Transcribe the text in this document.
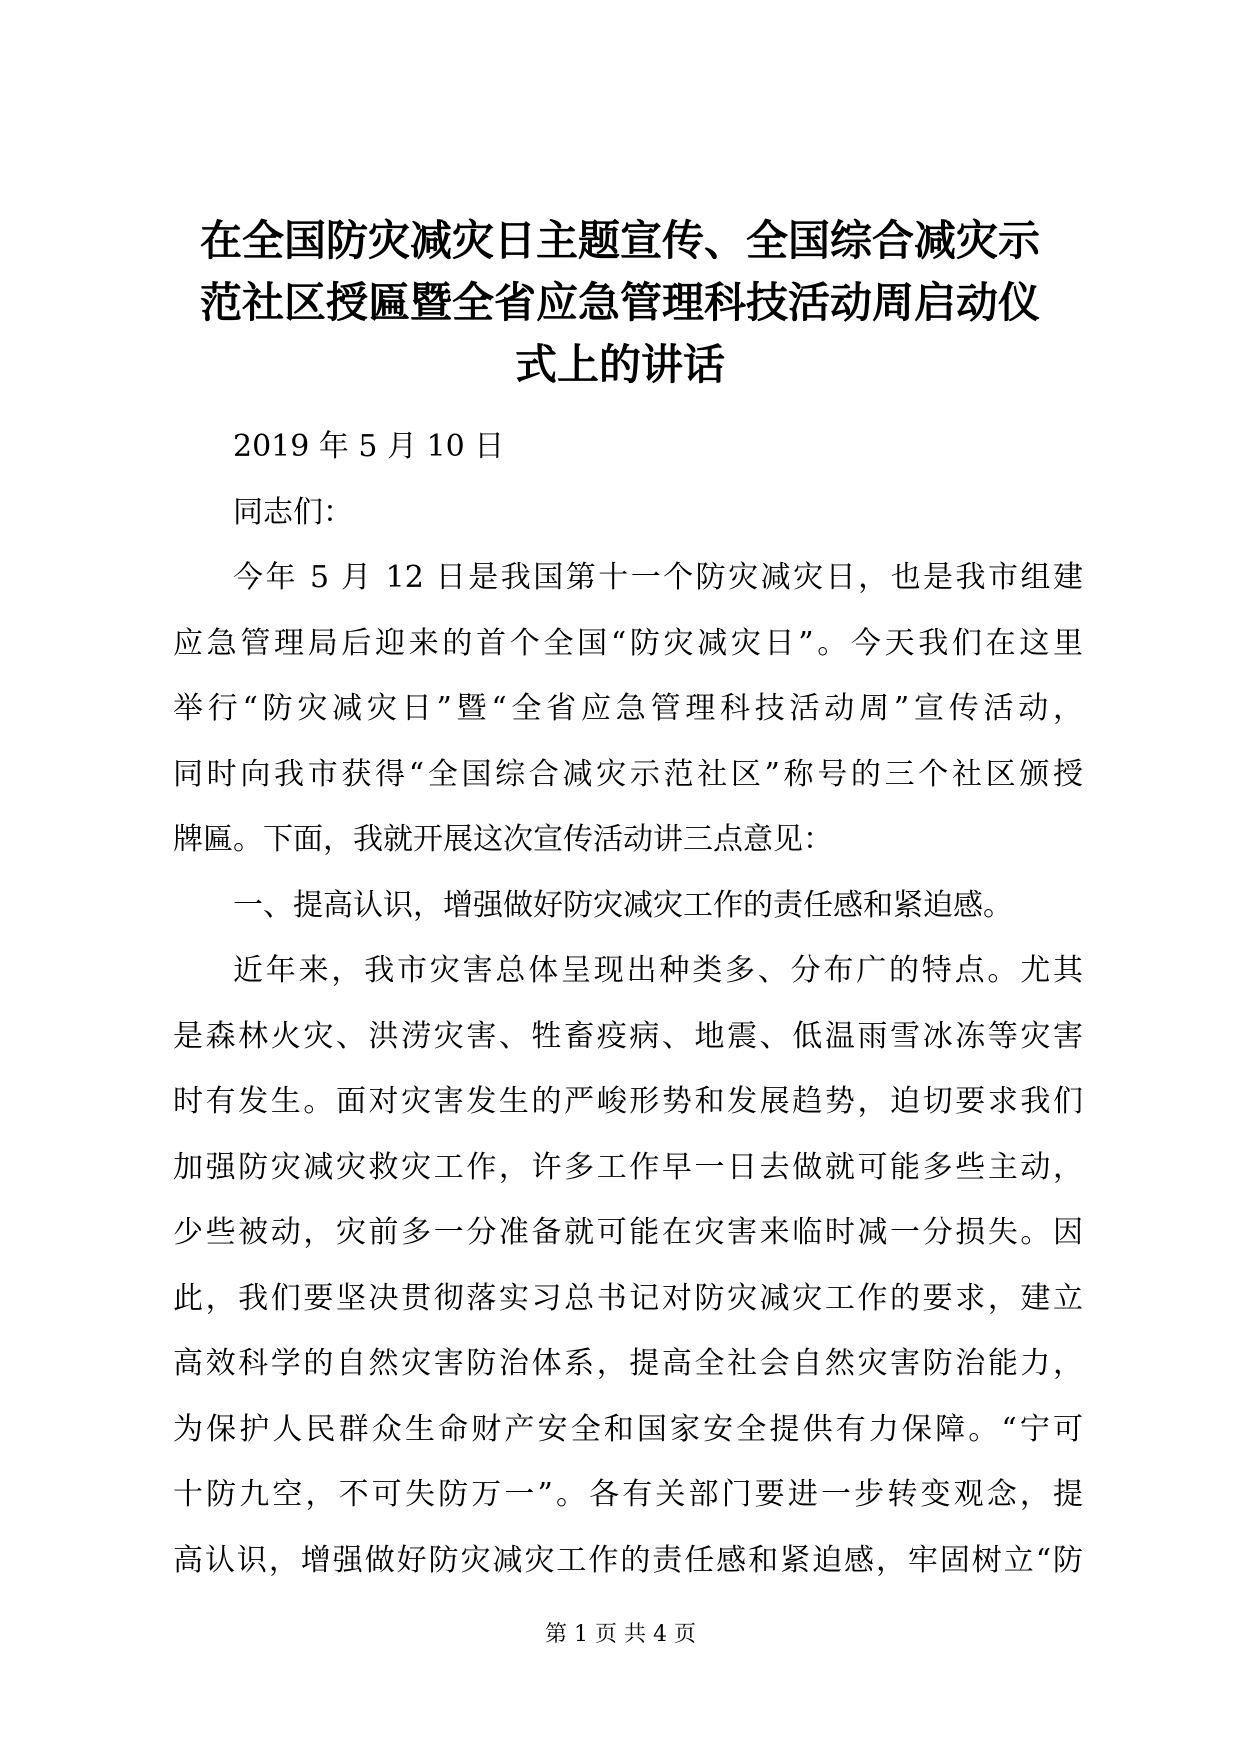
在全国防灾减灾日主题宣传、全国综合减灾示
范社区授匾暨全省应急管理科技活动周启动仪
式上的讲话
2019 年 5 月 10 日
同志们：
今年 5 月 12 日是我国第十一个防灾减灾日，也是我市组建
应急管理局后迎来的首个全国“防灾减灾日”。今天我们在这里
举行“防灾减灾日”暨“全省应急管理科技活动周”宣传活动，
同时向我市获得“全国综合减灾示范社区”称号的三个社区颁授
牌匾。下面，我就开展这次宣传活动讲三点意见：
一、提高认识，增强做好防灾减灾工作的责任感和紧迫感。
近年来，我市灾害总体呈现出种类多、分布广的特点。尤其
是森林火灾、洪涝灾害、牲畜疫病、地震、低温雨雪冰冻等灾害
时有发生。面对灾害发生的严峻形势和发展趋势，迫切要求我们
加强防灾减灾救灾工作，许多工作早一日去做就可能多些主动，
少些被动，灾前多一分准备就可能在灾害来临时减一分损失。因
此，我们要坚决贯彻落实习总书记对防灾减灾工作的要求，建立
高效科学的自然灾害防治体系，提高全社会自然灾害防治能力，
为保护人民群众生命财产安全和国家安全提供有力保障。“宁可
十防九空，不可失防万一”。各有关部门要进一步转变观念，提
高认识，增强做好防灾减灾工作的责任感和紧迫感，牢固树立“防
第 1 页 共 4 页
